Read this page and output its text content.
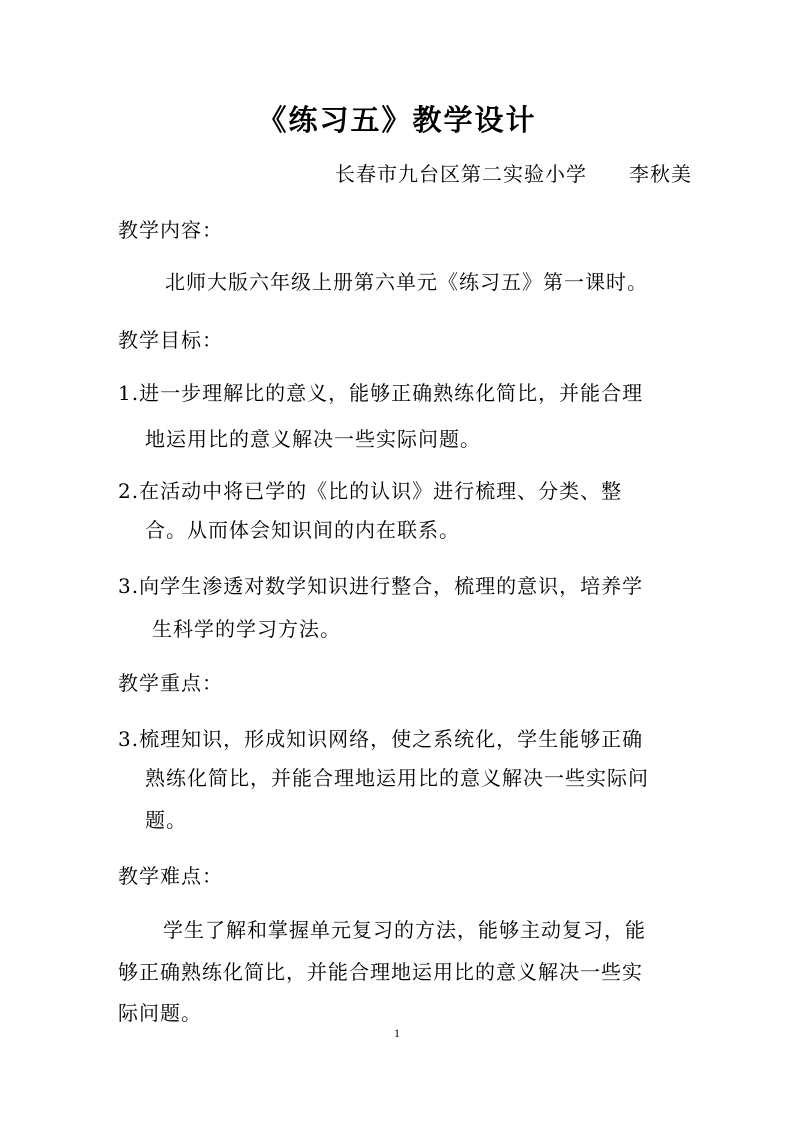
《练习五》教学设计
长春市九台区第二实验小学　　李秋美
教学内容：
北师大版六年级上册第六单元《练习五》第一课时。
教学目标：
1.进一步理解比的意义，能够正确熟练化简比，并能合理
地运用比的意义解决一些实际问题。
2.在活动中将已学的《比的认识》进行梳理、分类、整
合。从而体会知识间的内在联系。
3.向学生渗透对数学知识进行整合，梳理的意识，培养学
生科学的学习方法。
教学重点：
3.梳理知识，形成知识网络，使之系统化，学生能够正确
熟练化简比，并能合理地运用比的意义解决一些实际问
题。
教学难点：
学生了解和掌握单元复习的方法，能够主动复习，能
够正确熟练化简比，并能合理地运用比的意义解决一些实
际问题。
1
